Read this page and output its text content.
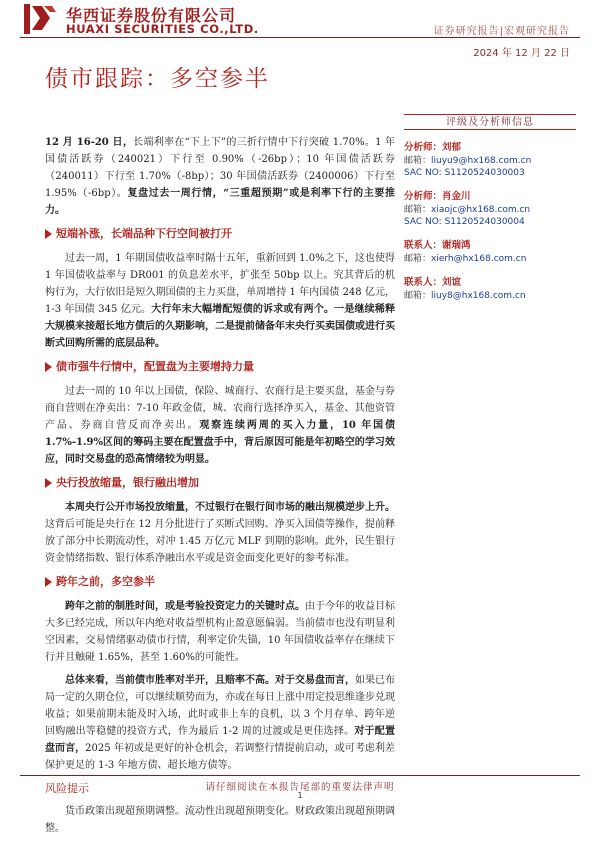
华西证券股份有限公司
HUAXI SECURITIES CO.,LTD.	证券研究报告|宏观研究报告
2024 年 12 月 22 日
债市跟踪：多空参半

12 月 16-20 日，长端利率在“下上下”的三折行情中下行突破 1.70%。1 年国债活跃券（240021）下行至 0.90%（-26bp）；10 年国债活跃券（240011）下行至 1.70%（-8bp）；30 年国债活跃券（2400006）下行至 1.95%（-6bp）。复盘过去一周行情，“三重超预期”或是利率下行的主要推力。

短端补涨，长端品种下行空间被打开

过去一周，1 年期国债收益率时隔十五年，重新回到 1.0%之下，这也使得 1 年国债收益率与 DR001 的负息差水平，扩张至 50bp 以上。究其背后的机构行为，大行依旧是短久期国债的主力买盘，单周增持 1 年内国债 248 亿元，1-3 年国债 345 亿元。大行年末大幅增配短债的诉求或有两个。一是继续稀释大规模来接超长地方债后的久期影响，二是提前储备年末央行买卖国债或进行买断式回购所需的底层品种。

债市强牛行情中，配置盘为主要增持力量

过去一周的 10 年以上国债，保险、城商行、农商行是主要买盘，基金与券商自营则在净卖出：7-10 年政金债，城、农商行选择净买入，基金、其他资管产品、券商自营反而净卖出。观察连续两周的买入力量，10 年国债 1.7%-1.9%区间的筹码主要在配置盘手中，背后原因可能是年初略空的学习效应，同时交易盘的恐高情绪较为明显。

央行投放缩量，银行融出增加

本周央行公开市场投放缩量，不过银行在银行间市场的融出规模逆步上升。这背后可能是央行在 12 月分批进行了买断式回购、净买入国债等操作，提前释放了部分中长期流动性，对冲 1.45 万亿元 MLF 到期的影响。此外，民生银行资金情绪指数、银行体系净融出水平或是资金面变化更好的参考标准。

跨年之前，多空参半

跨年之前的制胜时间，或是考验投资定力的关键时点。由于今年的收益目标大多已经完成，所以年内绝对收益型机构止盈意愿偏弱。当前债市也没有明显利空因素，交易情绪驱动债市行情，利率定价失锚，10 年国债收益率存在继续下行并且触碰 1.65%，甚至 1.60%的可能性。

总体来看，当前债市胜率对半开，且赔率不高。对于交易盘而言，如果已布局一定的久期仓位，可以继续顺势而为，亦或在每日上涨中用定投思维逢步兑现收益；如果前期未能及时入场，此时或非上车的良机，以 3 个月存单、跨年逆回购融出等稳健的投资方式，作为最后 1-2 周的过渡或是更佳选择。对于配置盘而言，2025 年初或是更好的补仓机会，若调整行情提前启动，或可考虑利差保护更足的 1-3 年地方债、超长地方债等。

风险提示

货币政策出现超预期调整。流动性出现超预期变化。财政政策出现超预期调整。

评级及分析师信息
分析师：刘郁
邮箱：liuyu9@hx168.com.cn
SAC NO: S1120524030003
分析师：肖金川
邮箱：xiaojc@hx168.com.cn
SAC NO: S1120524030004
联系人：谢瑞鸿
邮箱：xierh@hx168.com.cn
联系人：刘谊
邮箱：liuy8@hx168.com.cn
请仔细阅读在本报告尾部的重要法律声明
1
